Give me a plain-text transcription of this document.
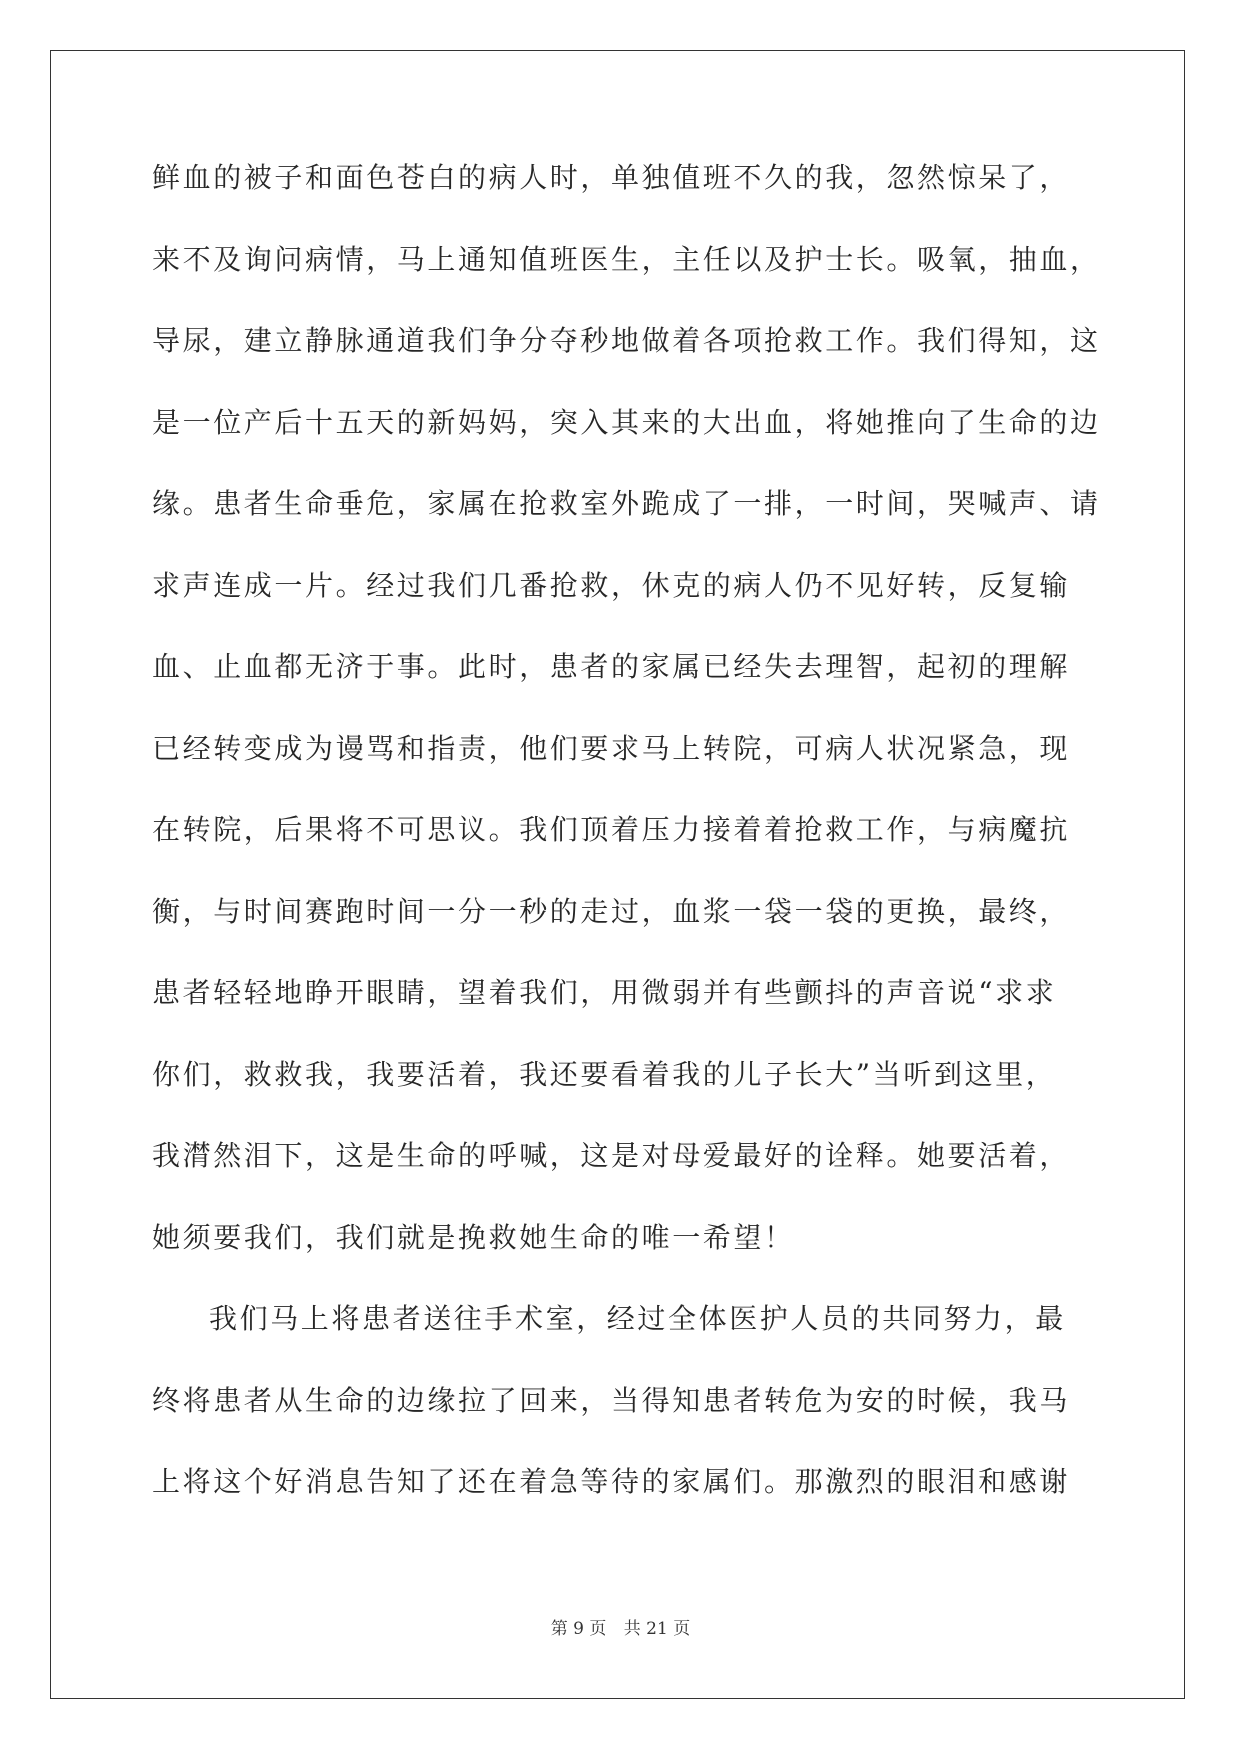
鲜血的被子和面色苍白的病人时，单独值班不久的我，忽然惊呆了，
来不及询问病情，马上通知值班医生，主任以及护士长。吸氧，抽血，
导尿，建立静脉通道我们争分夺秒地做着各项抢救工作。我们得知，这
是一位产后十五天的新妈妈，突入其来的大出血，将她推向了生命的边
缘。患者生命垂危，家属在抢救室外跪成了一排，一时间，哭喊声、请
求声连成一片。经过我们几番抢救，休克的病人仍不见好转，反复输
血、止血都无济于事。此时，患者的家属已经失去理智，起初的理解
已经转变成为谩骂和指责，他们要求马上转院，可病人状况紧急，现
在转院，后果将不可思议。我们顶着压力接着着抢救工作，与病魔抗
衡，与时间赛跑时间一分一秒的走过，血浆一袋一袋的更换，最终，
患者轻轻地睁开眼睛，望着我们，用微弱并有些颤抖的声音说“求求
你们，救救我，我要活着，我还要看着我的儿子长大”当听到这里，
我潸然泪下，这是生命的呼喊，这是对母爱最好的诠释。她要活着，
她须要我们，我们就是挽救她生命的唯一希望！
我们马上将患者送往手术室，经过全体医护人员的共同努力，最
终将患者从生命的边缘拉了回来，当得知患者转危为安的时候，我马
上将这个好消息告知了还在着急等待的家属们。那激烈的眼泪和感谢
第 9 页 共 21 页
